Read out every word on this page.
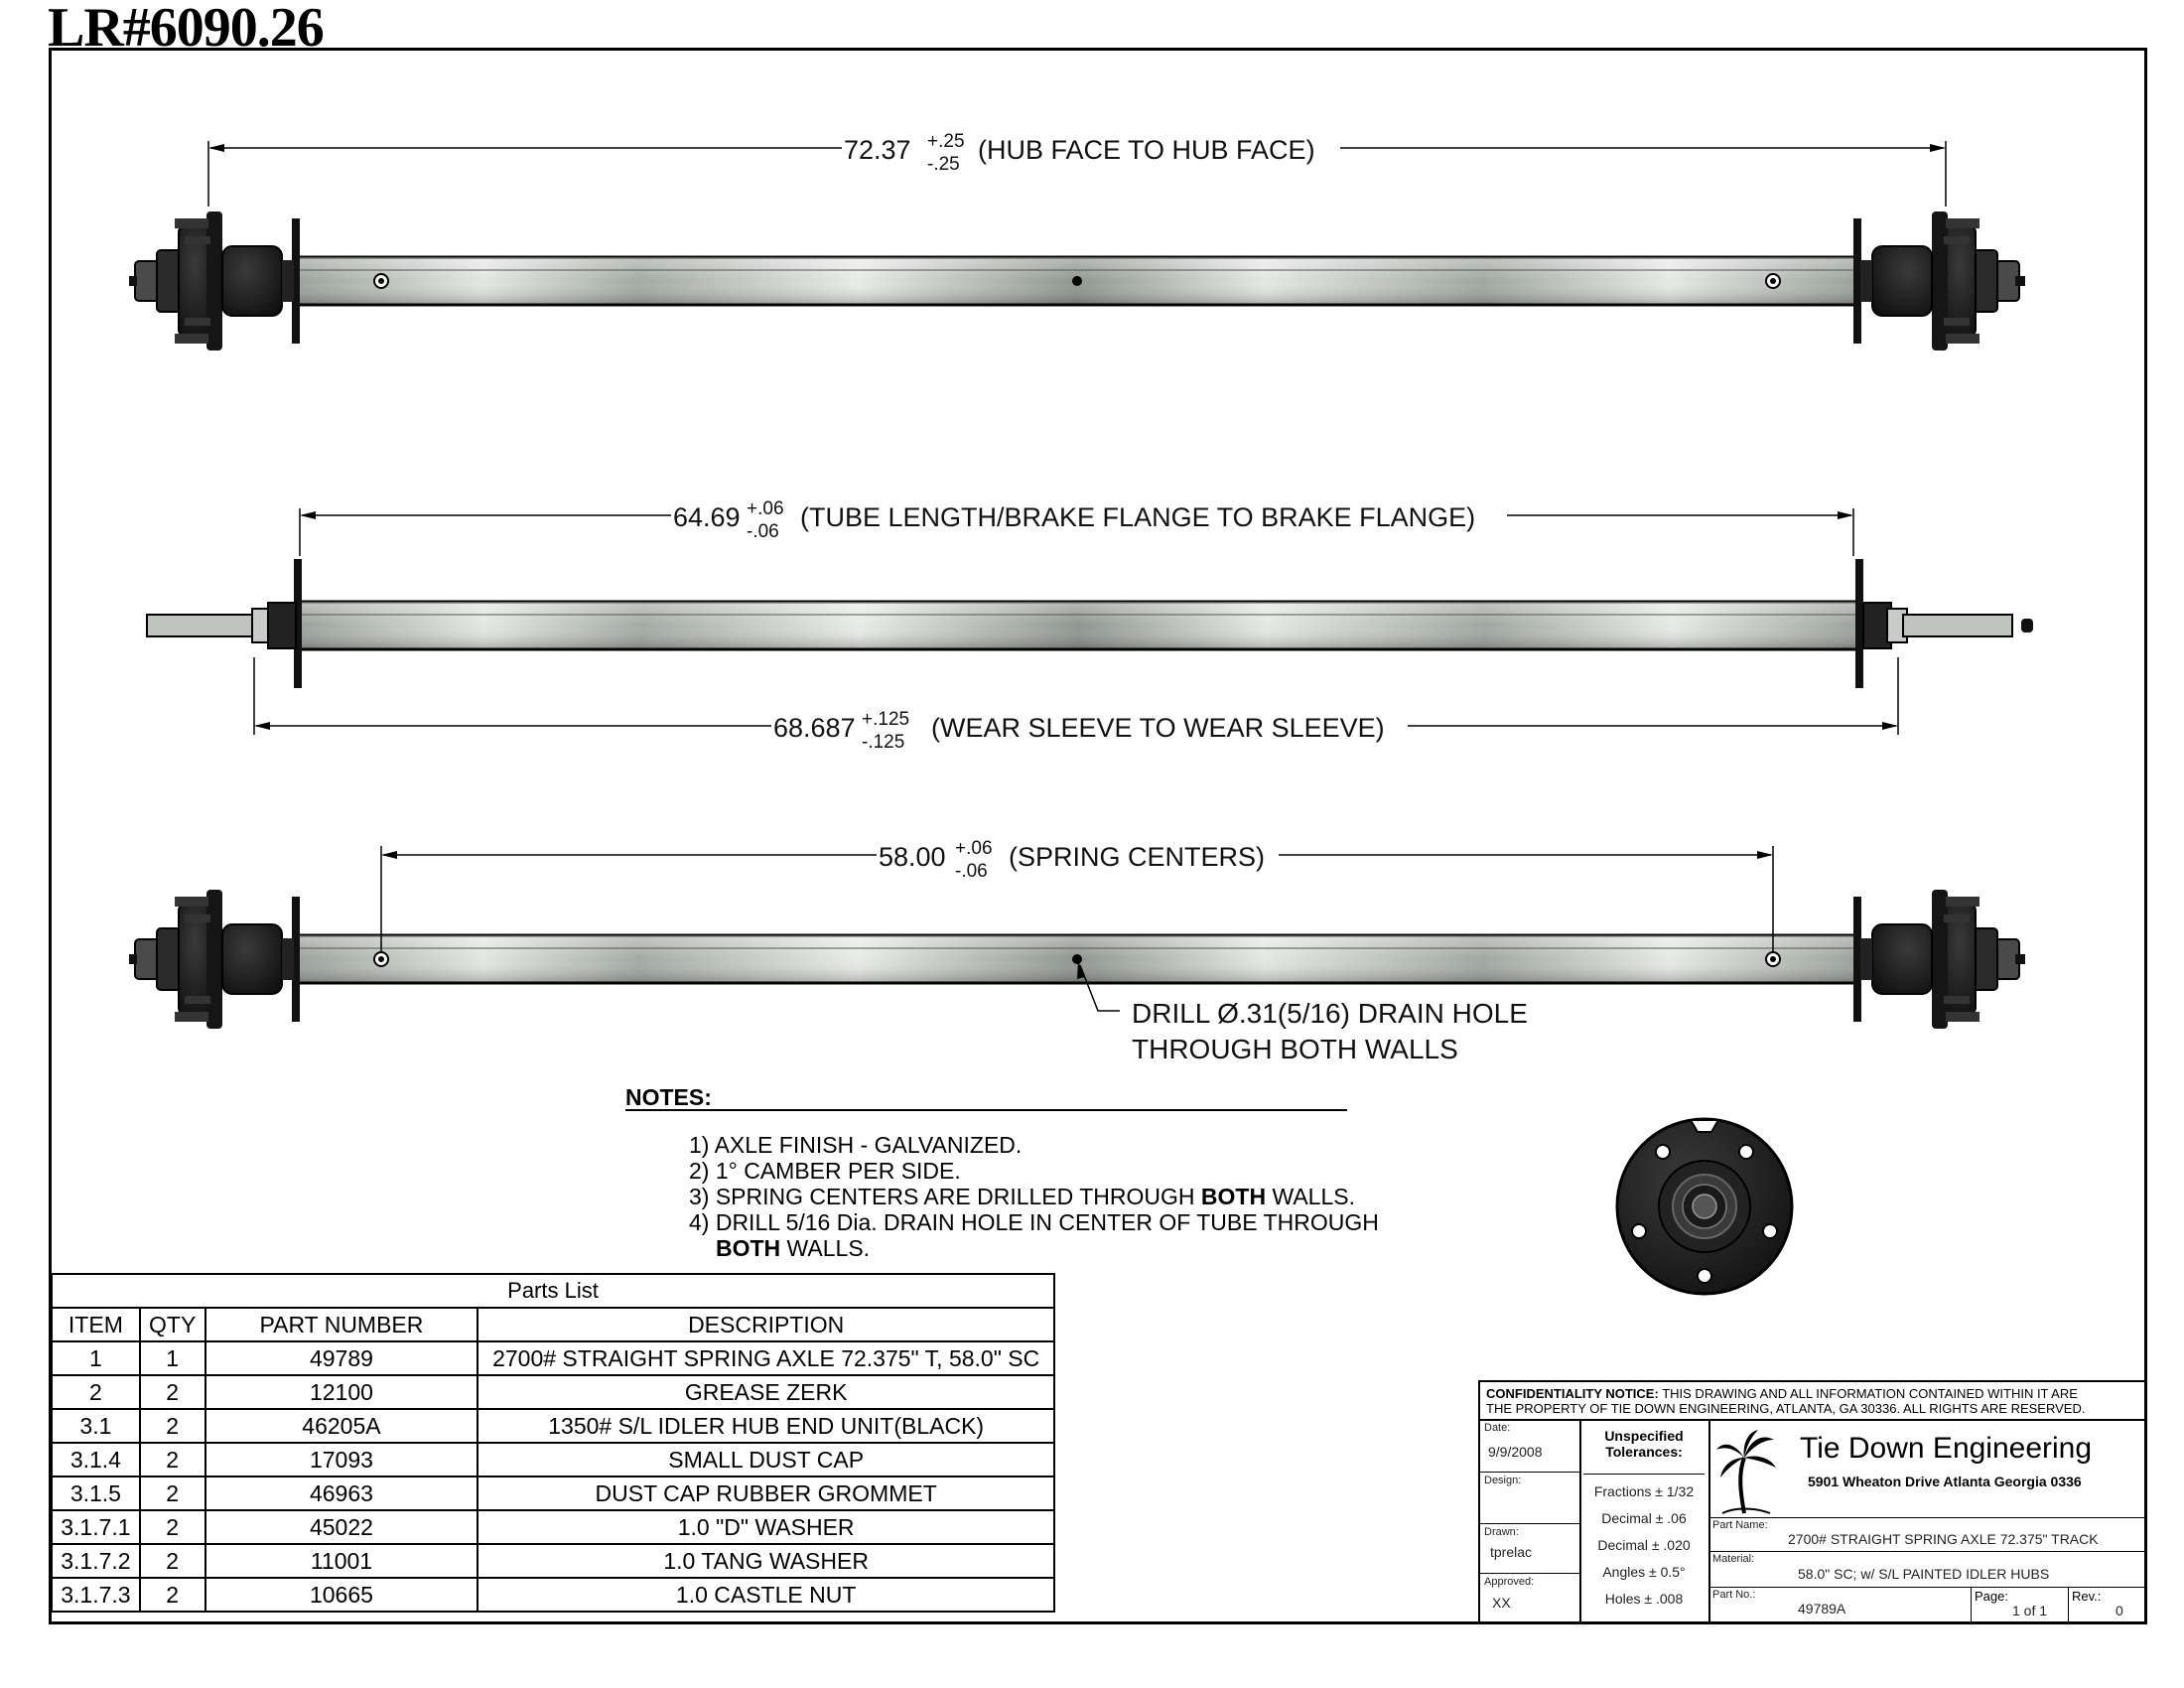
LR#6090.26
72.37 +.25
-.25 (HUB FACE TO HUB FACE)
64.69 +.06
-.06 (TUBE LENGTH/BRAKE FLANGE TO BRAKE FLANGE)
68.687 +.125
-.125 (WEAR SLEEVE TO WEAR SLEEVE)
58.00 +.06
-.06 (SPRING CENTERS)
DRILL Ø.31(5/16) DRAIN HOLE
THROUGH BOTH WALLS
NOTES:
1) AXLE FINISH - GALVANIZED.
2) 1° CAMBER PER SIDE.
3) SPRING CENTERS ARE DRILLED THROUGH BOTH WALLS.
4) DRILL 5/16 Dia. DRAIN HOLE IN CENTER OF TUBE THROUGH
BOTH WALLS.
Parts List
ITEM	QTY	PART NUMBER	DESCRIPTION
1	1	49789	2700# STRAIGHT SPRING AXLE 72.375" T, 58.0" SC
2	2	12100	GREASE ZERK
3.1	2	46205A	1350# S/L IDLER HUB END UNIT(BLACK)
3.1.4	2	17093	SMALL DUST CAP
3.1.5	2	46963	DUST CAP RUBBER GROMMET
3.1.7.1	2	45022	1.0 "D" WASHER
3.1.7.2	2	11001	1.0 TANG WASHER
3.1.7.3	2	10665	1.0 CASTLE NUT
CONFIDENTIALITY NOTICE: THIS DRAWING AND ALL INFORMATION CONTAINED WITHIN IT ARE
THE PROPERTY OF TIE DOWN ENGINEERING, ATLANTA, GA 30336. ALL RIGHTS ARE RESERVED.
Date:
9/9/2008
Design:
Drawn:
tprelac
Approved:
XX
Unspecified
Tolerances:
Fractions ± 1/32
Decimal ± .06
Decimal ± .020
Angles ± 0.5°
Holes ± .008
Tie Down Engineering
5901 Wheaton Drive Atlanta Georgia 0336
Part Name:
2700# STRAIGHT SPRING AXLE 72.375" TRACK
Material:
58.0" SC; w/ S/L PAINTED IDLER HUBS
Part No.:
49789A
Page:
1 of 1
Rev.:
0
